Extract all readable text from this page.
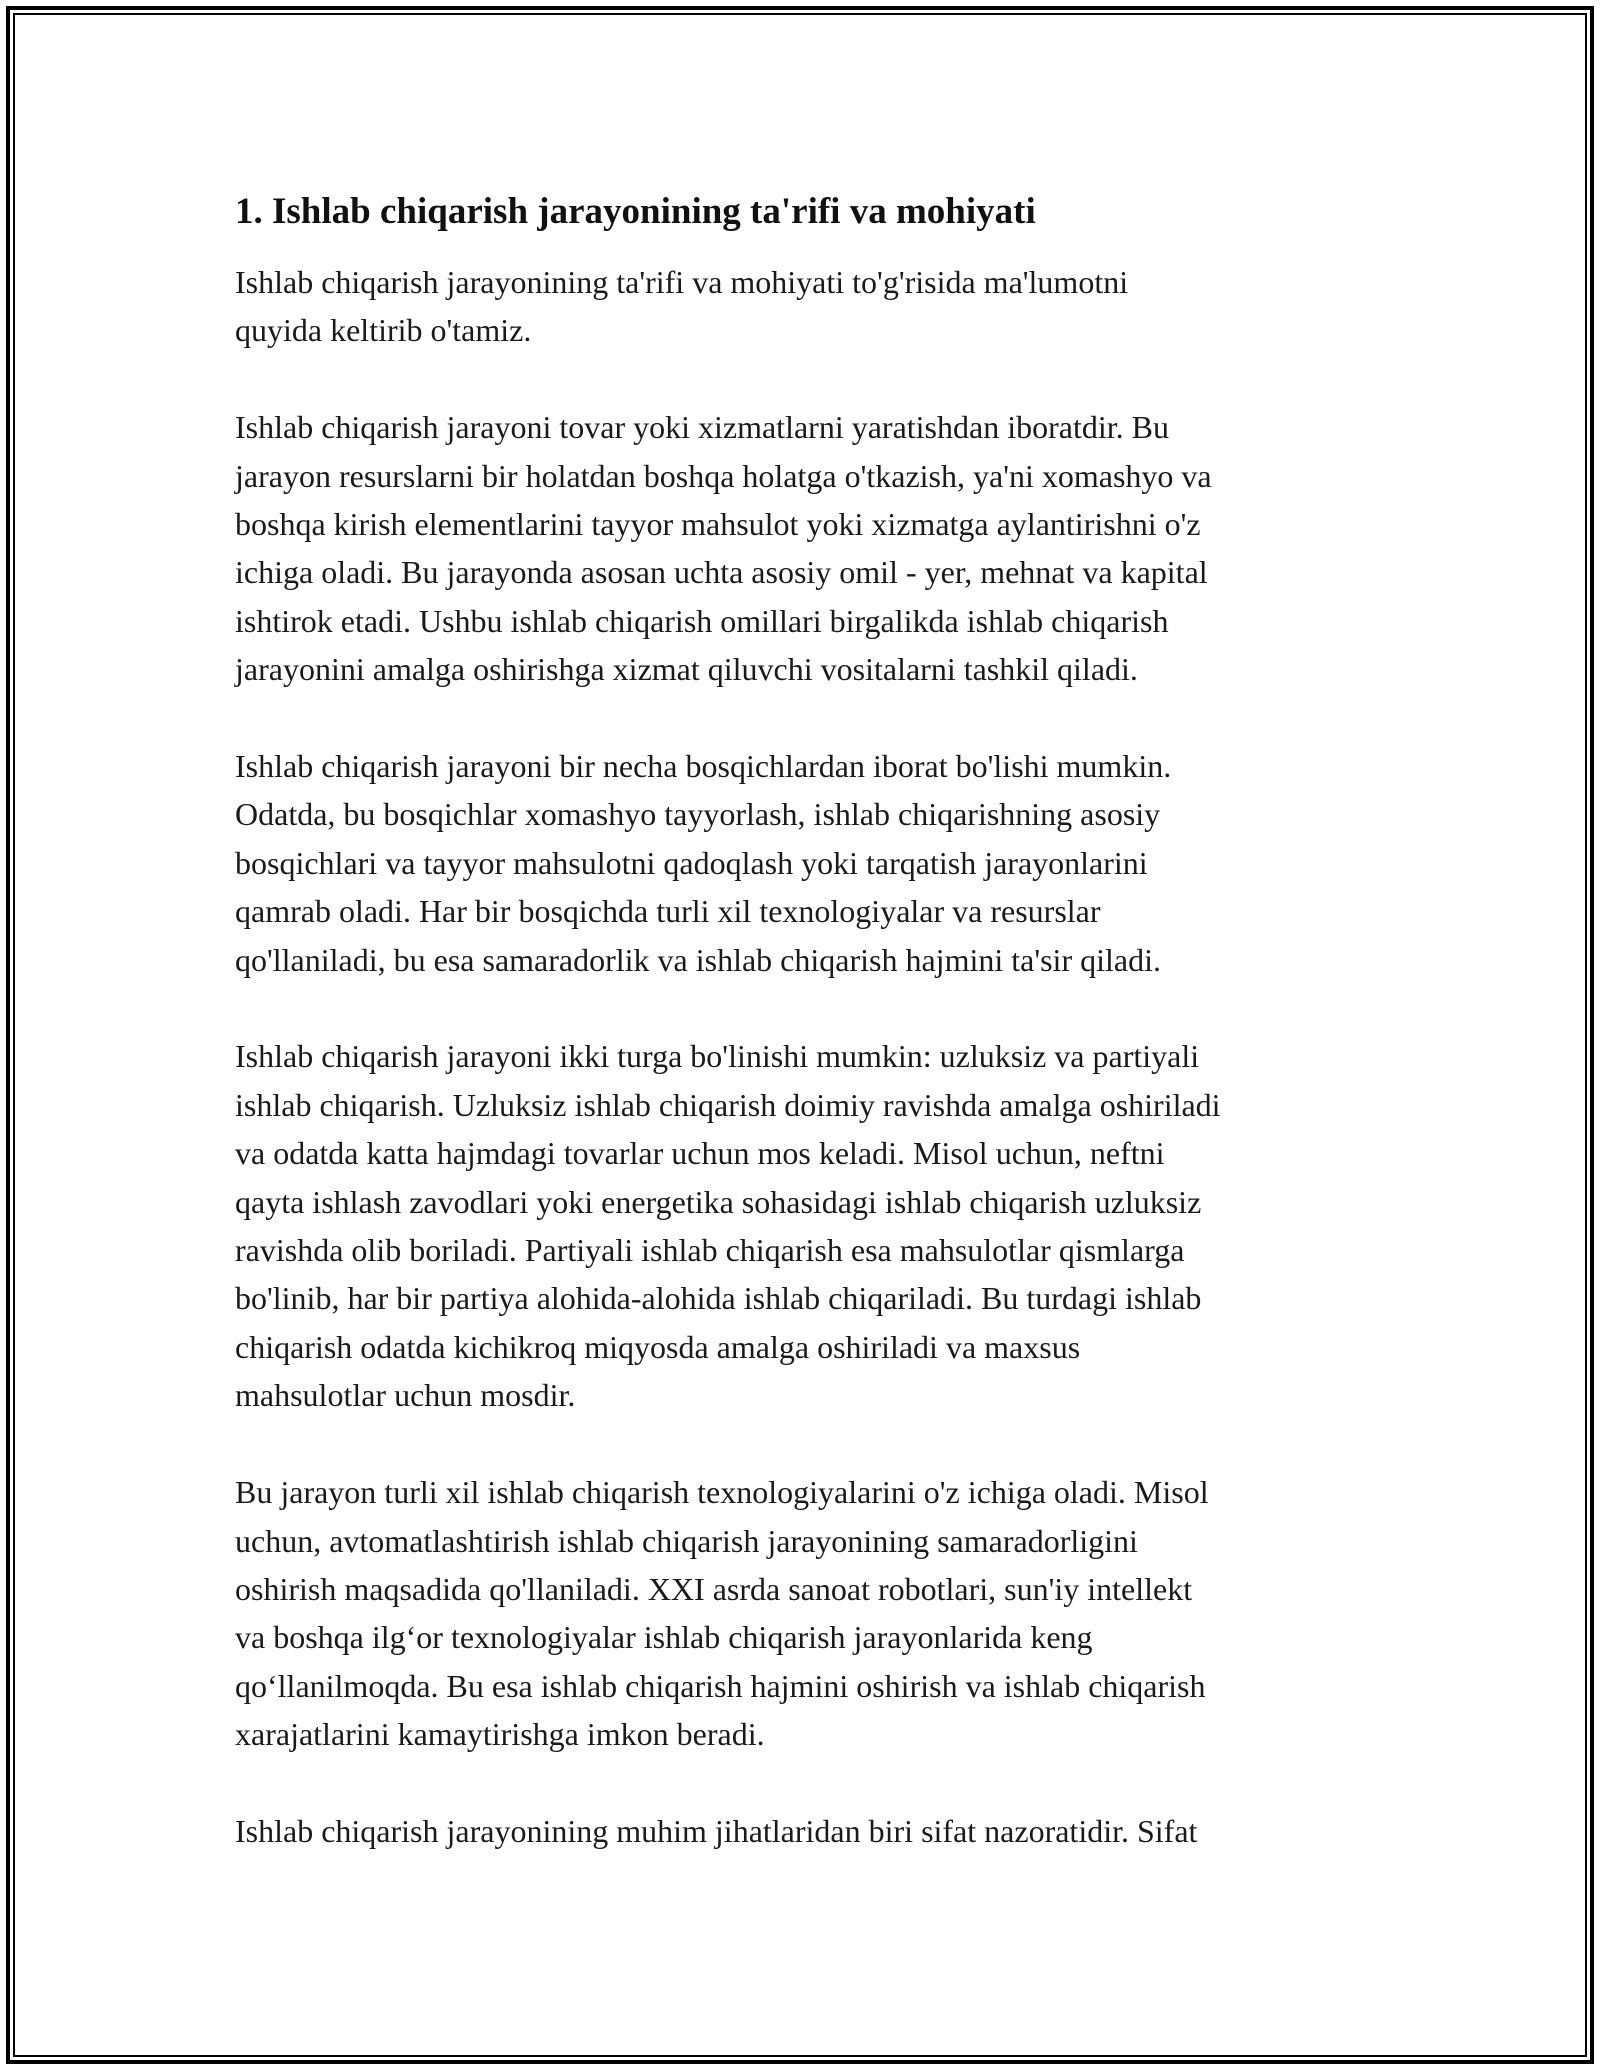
1. Ishlab chiqarish jarayonining ta'rifi va mohiyati

Ishlab chiqarish jarayonining ta'rifi va mohiyati to'g'risida ma'lumotni
quyida keltirib o'tamiz.

Ishlab chiqarish jarayoni tovar yoki xizmatlarni yaratishdan iboratdir. Bu
jarayon resurslarni bir holatdan boshqa holatga o'tkazish, ya'ni xomashyo va
boshqa kirish elementlarini tayyor mahsulot yoki xizmatga aylantirishni o'z
ichiga oladi. Bu jarayonda asosan uchta asosiy omil - yer, mehnat va kapital
ishtirok etadi. Ushbu ishlab chiqarish omillari birgalikda ishlab chiqarish
jarayonini amalga oshirishga xizmat qiluvchi vositalarni tashkil qiladi.

Ishlab chiqarish jarayoni bir necha bosqichlardan iborat bo'lishi mumkin.
Odatda, bu bosqichlar xomashyo tayyorlash, ishlab chiqarishning asosiy
bosqichlari va tayyor mahsulotni qadoqlash yoki tarqatish jarayonlarini
qamrab oladi. Har bir bosqichda turli xil texnologiyalar va resurslar
qo'llaniladi, bu esa samaradorlik va ishlab chiqarish hajmini ta'sir qiladi.

Ishlab chiqarish jarayoni ikki turga bo'linishi mumkin: uzluksiz va partiyali
ishlab chiqarish. Uzluksiz ishlab chiqarish doimiy ravishda amalga oshiriladi
va odatda katta hajmdagi tovarlar uchun mos keladi. Misol uchun, neftni
qayta ishlash zavodlari yoki energetika sohasidagi ishlab chiqarish uzluksiz
ravishda olib boriladi. Partiyali ishlab chiqarish esa mahsulotlar qismlarga
bo'linib, har bir partiya alohida-alohida ishlab chiqariladi. Bu turdagi ishlab
chiqarish odatda kichikroq miqyosda amalga oshiriladi va maxsus
mahsulotlar uchun mosdir.

Bu jarayon turli xil ishlab chiqarish texnologiyalarini o'z ichiga oladi. Misol
uchun, avtomatlashtirish ishlab chiqarish jarayonining samaradorligini
oshirish maqsadida qo'llaniladi. XXI asrda sanoat robotlari, sun'iy intellekt
va boshqa ilg‘or texnologiyalar ishlab chiqarish jarayonlarida keng
qo‘llanilmoqda. Bu esa ishlab chiqarish hajmini oshirish va ishlab chiqarish
xarajatlarini kamaytirishga imkon beradi.

Ishlab chiqarish jarayonining muhim jihatlaridan biri sifat nazoratidir. Sifat
